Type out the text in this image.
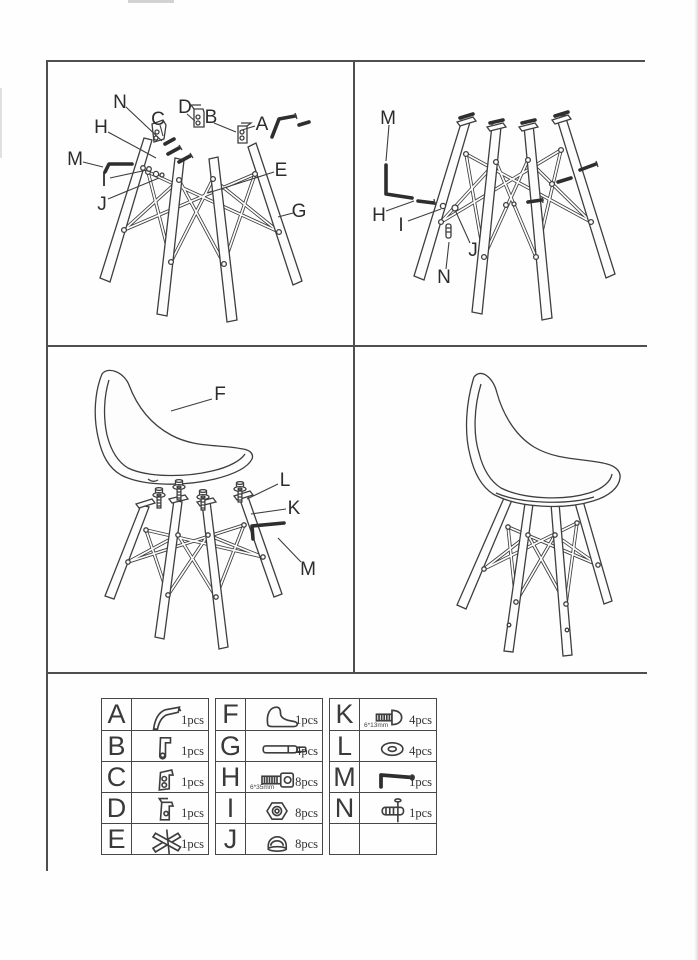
N
H
M
I
J
C
D B A
E
G
M
H I
J
N
F
L
K
M
A	1pcs
B	1pcs
C	1pcs
D	1pcs
E	1pcs
F	1pcs
G	4pcs
H	6*35mm 8pcs
I	8pcs
J	8pcs
K	6*13mm 4pcs
L	4pcs
M	1pcs
N	1pcs
